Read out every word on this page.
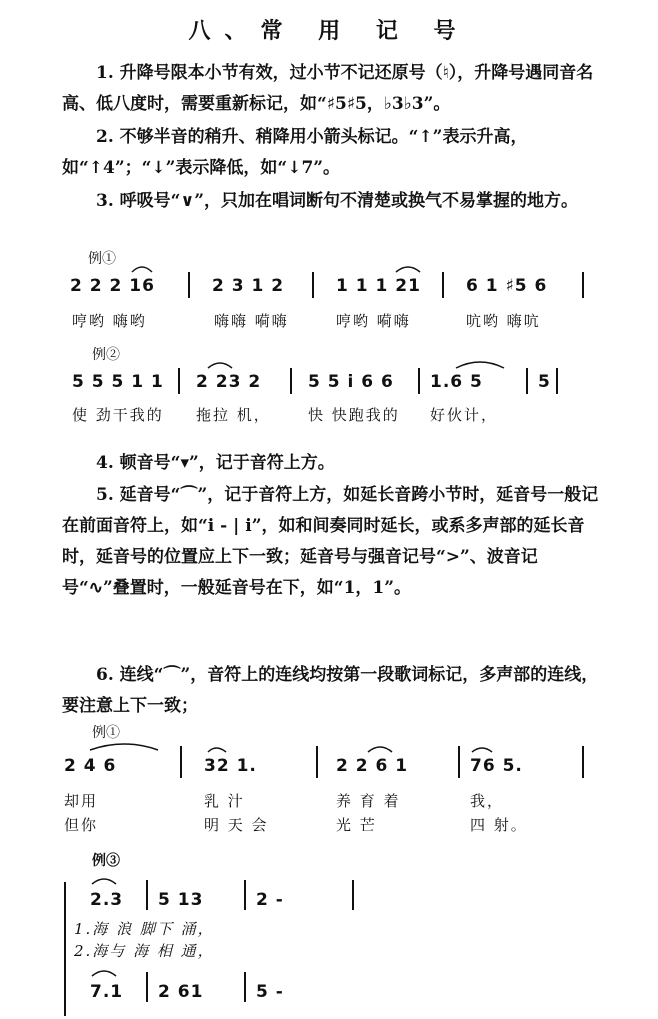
八、常 用 记 号
1. 升降号限本小节有效，过小节不记还原号（♮），升降号遇同音名高、低八度时，需要重新标记，如“♯5♯5，♭3♭3”。
2. 不够半音的稍升、稍降用小箭头标记。“↑”表示升高，如“↑4”；“↓”表示降低，如“↓7”。
3. 呼吸号“∨”，只加在唱词断句不清楚或换气不易掌握的地方。
例①
2 2 2 16	2 3 1 2	1 1 1 21	6 1 ♯5 6
哼哟 嗨哟	嗨嗨 嗬嗨	哼哟 嗬嗨	吭哟 嗨吭
例②
5 5 5 1 1 2 23 2	5 5 i 6 6 1.6 5	5
使 劲干我的 拖拉 机， 快 快跑我的 好伙计，
4. 顿音号“▾”，记于音符上方。
5. 延音号“⌒”，记于音符上方，如延长音跨小节时，延音号一般记在前面音符上，如“i - | i”，如和间奏同时延长，或系多声部的延长音时，延音号的位置应上下一致；延音号与强音记号“>”、波音记号“∿”叠置时，一般延音号在下，如“1，1”。
6. 连线“⌒”，音符上的连线均按第一段歌词标记，多声部的连线，要注意上下一致；
例①
2 4 6	32 1.	2 2 6 1	76 5.
却用	乳 汁	养 育 着	我，
但你	明 天 会	光 芒	四 射。
例③
2.3 5 13	2 -
1.海 浪 脚下 涌，
2.海与 海 相 通，
7.1 2 61	5 -
